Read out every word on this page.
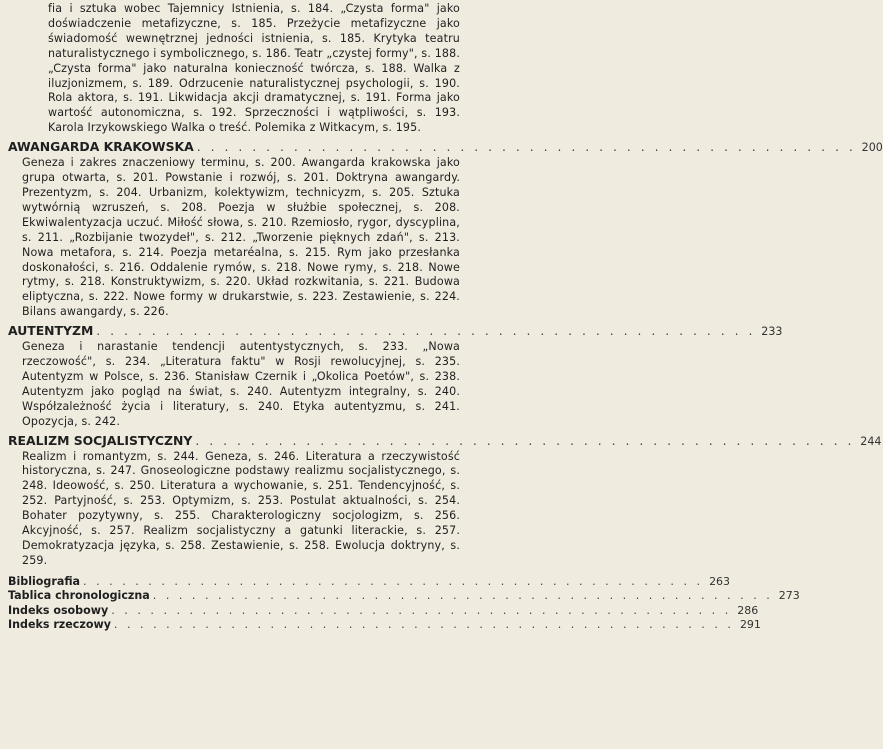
fia i sztuka wobec Tajemnicy Istnienia, s. 184. „Czysta forma" jako doświadczenie metafizyczne, s. 185. Przeżycie metafizyczne jako świadomość wewnętrznej jedności istnienia, s. 185. Krytyka teatru naturalistycznego i symbolicznego, s. 186. Teatr „czystej formy", s. 188. „Czysta forma" jako naturalna konieczność twórcza, s. 188. Walka z iluzjonizmem, s. 189. Odrzucenie naturalistycznej psychologii, s. 190. Rola aktora, s. 191. Likwidacja akcji dramatycznej, s. 191. Forma jako wartość autonomiczna, s. 192. Sprzeczności i wątpliwości, s. 193. Karola Irzykowskiego Walka o treść. Polemika z Witkacym, s. 195.

AWANGARDA KRAKOWSKA . . . . . . . . . . . . . . . . . . . . . . . . . . . . . . . . . . . . . . . . . . . . . . . . 200

Geneza i zakres znaczeniowy terminu, s. 200. Awangarda krakowska jako grupa otwarta, s. 201. Powstanie i rozwój, s. 201. Doktryna awangardy. Prezentyzm, s. 204. Urbanizm, kolektywizm, technicyzm, s. 205. Sztuka wytwórnią wzruszeń, s. 208. Poezja w służbie społecznej, s. 208. Ekwiwalentyzacja uczuć. Miłość słowa, s. 210. Rzemiosło, rygor, dyscyplina, s. 211. „Rozbijanie twozydeł", s. 212. „Tworzenie pięknych zdań", s. 213. Nowa metafora, s. 214. Poezja metaréalna, s. 215. Rym jako przesłanka doskonałości, s. 216. Oddalenie rymów, s. 218. Nowe rymy, s. 218. Nowe rytmy, s. 218. Konstruktywizm, s. 220. Układ rozkwitania, s. 221. Budowa eliptyczna, s. 222. Nowe formy w drukarstwie, s. 223. Zestawienie, s. 224. Bilans awangardy, s. 226.

AUTENTYZM . . . . . . . . . . . . . . . . . . . . . . . . . . . . . . . . . . . . . . . . . . . . . . . . 233

Geneza i narastanie tendencji autentystycznych, s. 233. „Nowa rzeczowość", s. 234. „Literatura faktu" w Rosji rewolucyjnej, s. 235. Autentyzm w Polsce, s. 236. Stanisław Czernik i „Okolica Poetów", s. 238. Autentyzm jako pogląd na świat, s. 240. Autentyzm integralny, s. 240. Współzależność życia i literatury, s. 240. Etyka autentyzmu, s. 241. Opozycja, s. 242.

REALIZM SOCJALISTYCZNY . . . . . . . . . . . . . . . . . . . . . . . . . . . . . . . . . . . . . . . . . . . . . . . . 244

Realizm i romantyzm, s. 244. Geneza, s. 246. Literatura a rzeczywistość historyczna, s. 247. Gnoseologiczne podstawy realizmu socjalistycznego, s. 248. Ideowość, s. 250. Literatura a wychowanie, s. 251. Tendencyjność, s. 252. Partyjność, s. 253. Optymizm, s. 253. Postulat aktualności, s. 254. Bohater pozytywny, s. 255. Charakterologiczny socjologizm, s. 256. Akcyjność, s. 257. Realizm socjalistyczny a gatunki literackie, s. 257. Demokratyzacja języka, s. 258. Zestawienie, s. 258. Ewolucja doktryny, s. 259.

Bibliografia . . . . . . . . . . . . . . . . . . . . . . . . . . . . . . . . . . . . . . . . . . . . . . . . 263
Tablica chronologiczna . . . . . . . . . . . . . . . . . . . . . . . . . . . . . . . . . . . . . . . . . . . . . . . . 273
Indeks osobowy . . . . . . . . . . . . . . . . . . . . . . . . . . . . . . . . . . . . . . . . . . . . . . . . 286
Indeks rzeczowy . . . . . . . . . . . . . . . . . . . . . . . . . . . . . . . . . . . . . . . . . . . . . . . . 291
